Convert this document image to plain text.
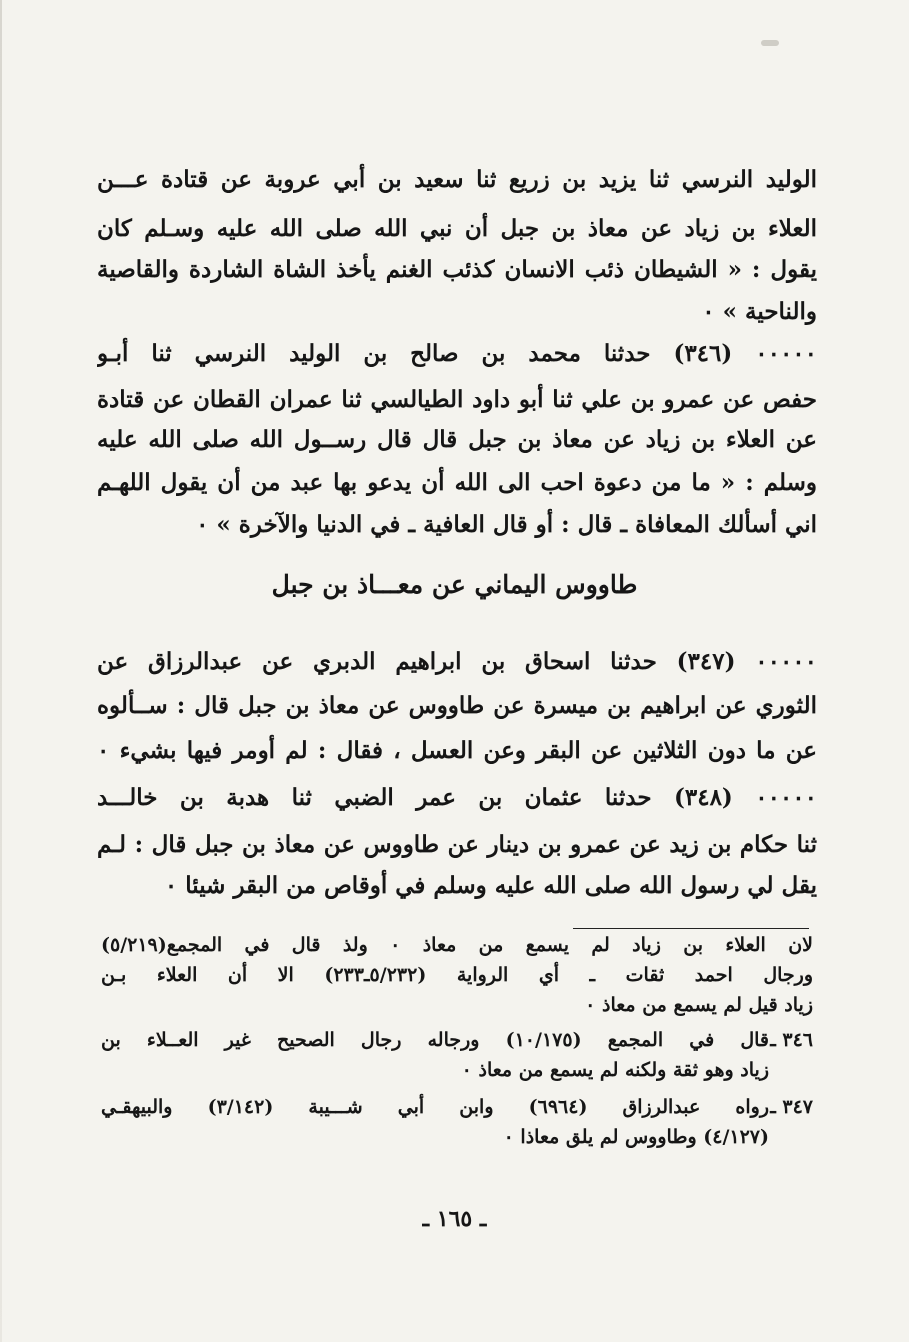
الوليد النرسي ثنا يزيد بن زريع ثنا سعيد بن أبي عروبة عن قتادة عـــن
العلاء بن زياد عن معاذ بن جبل أن نبي الله صلى الله عليه وسـلم كان
يقول : « الشيطان ذئب الانسان كذئب الغنم يأخذ الشاة الشاردة والقاصية
والناحية » ٠
٠٠٠٠٠ (٣٤٦) حدثنا محمد بن صالح بن الوليد النرسي ثنا أبـو
حفص عن عمرو بن علي ثنا أبو داود الطيالسي ثنا عمران القطان عن قتادة
عن العلاء بن زياد عن معاذ بن جبل قال قال رســول الله صلى الله عليه
وسلم : « ما من دعوة احب الى الله أن يدعو بها عبد من أن يقول اللهـم
اني أسألك المعافاة ـ قال : أو قال العافية ـ في الدنيا والآخرة » ٠
طاووس اليماني عن معـــاذ بن جبل
٠٠٠٠٠ (٣٤٧) حدثنا اسحاق بن ابراهيم الدبري عن عبدالرزاق عن
الثوري عن ابراهيم بن ميسرة عن طاووس عن معاذ بن جبل قال : ســألوه
عن ما دون الثلاثين عن البقر وعن العسل ، فقال : لم أومر فيها بشيء ٠
٠٠٠٠٠ (٣٤٨) حدثنا عثمان بن عمر الضبي ثنا هدبة بن خالـــد
ثنا حكام بن زيد عن عمرو بن دينار عن طاووس عن معاذ بن جبل قال : لـم
يقل لي رسول الله صلى الله عليه وسلم في أوقاص من البقر شيئا ٠
لان العلاء بن زياد لم يسمع من معاذ ٠ ولذ قال في المجمع(٥/٢١٩)
ورجال احمد ثقات ـ أي الرواية (٥/٢٣٢ـ٢٣٣) الا أن العلاء بـن
زياد قيل لم يسمع من معاذ ٠
٣٤٦ ـ
قال في المجمع (١٠/١٧٥) ورجاله رجال الصحيح غير العــلاء بن
زياد وهو ثقة ولكنه لم يسمع من معاذ ٠
٣٤٧ ـ
رواه عبدالرزاق (٦٩٦٤) وابن أبي شـــيبة (٣/١٤٢) والبيهقـي
(٤/١٢٧) وطاووس لم يلق معاذا ٠
ـ ١٦٥ ـ
